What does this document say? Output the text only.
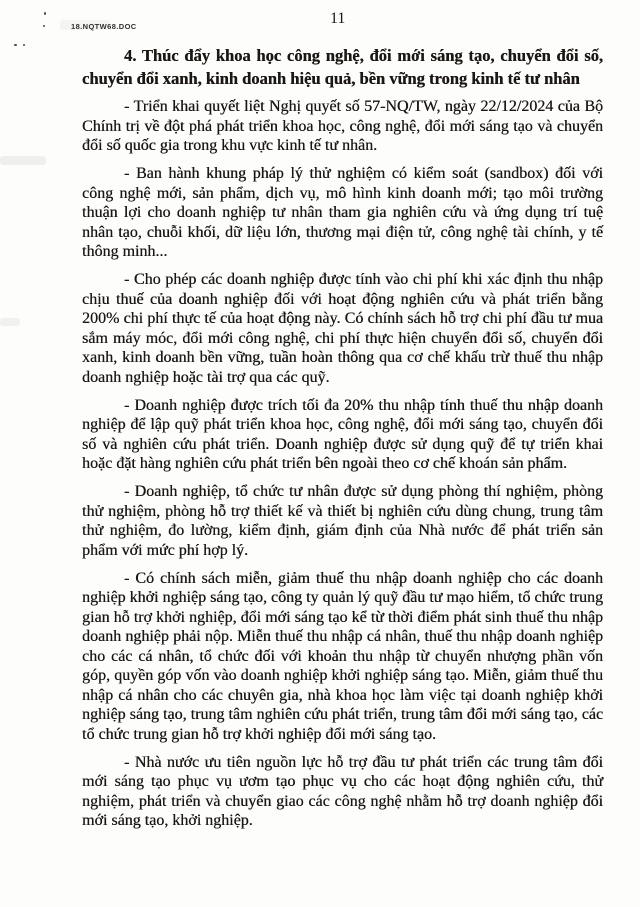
18.NQTW68.DOC	11
4. Thúc đẩy khoa học công nghệ, đổi mới sáng tạo, chuyển đổi số, chuyển đổi xanh, kinh doanh hiệu quả, bền vững trong kinh tế tư nhân

- Triển khai quyết liệt Nghị quyết số 57-NQ/TW, ngày 22/12/2024 của Bộ Chính trị về đột phá phát triển khoa học, công nghệ, đổi mới sáng tạo và chuyển đổi số quốc gia trong khu vực kinh tế tư nhân.

- Ban hành khung pháp lý thử nghiệm có kiểm soát (sandbox) đối với công nghệ mới, sản phẩm, dịch vụ, mô hình kinh doanh mới; tạo môi trường thuận lợi cho doanh nghiệp tư nhân tham gia nghiên cứu và ứng dụng trí tuệ nhân tạo, chuỗi khối, dữ liệu lớn, thương mại điện tử, công nghệ tài chính, y tế thông minh...

- Cho phép các doanh nghiệp được tính vào chi phí khi xác định thu nhập chịu thuế của doanh nghiệp đối với hoạt động nghiên cứu và phát triển bằng 200% chi phí thực tế của hoạt động này. Có chính sách hỗ trợ chi phí đầu tư mua sắm máy móc, đổi mới công nghệ, chi phí thực hiện chuyển đổi số, chuyển đổi xanh, kinh doanh bền vững, tuần hoàn thông qua cơ chế khấu trừ thuế thu nhập doanh nghiệp hoặc tài trợ qua các quỹ.

- Doanh nghiệp được trích tối đa 20% thu nhập tính thuế thu nhập doanh nghiệp để lập quỹ phát triển khoa học, công nghệ, đổi mới sáng tạo, chuyển đổi số và nghiên cứu phát triển. Doanh nghiệp được sử dụng quỹ để tự triển khai hoặc đặt hàng nghiên cứu phát triển bên ngoài theo cơ chế khoán sản phẩm.

- Doanh nghiệp, tổ chức tư nhân được sử dụng phòng thí nghiệm, phòng thử nghiệm, phòng hỗ trợ thiết kế và thiết bị nghiên cứu dùng chung, trung tâm thử nghiệm, đo lường, kiểm định, giám định của Nhà nước để phát triển sản phẩm với mức phí hợp lý.

- Có chính sách miễn, giảm thuế thu nhập doanh nghiệp cho các doanh nghiệp khởi nghiệp sáng tạo, công ty quản lý quỹ đầu tư mạo hiểm, tổ chức trung gian hỗ trợ khởi nghiệp, đổi mới sáng tạo kể từ thời điểm phát sinh thuế thu nhập doanh nghiệp phải nộp. Miễn thuế thu nhập cá nhân, thuế thu nhập doanh nghiệp cho các cá nhân, tổ chức đối với khoản thu nhập từ chuyển nhượng phần vốn góp, quyền góp vốn vào doanh nghiệp khởi nghiệp sáng tạo. Miễn, giảm thuế thu nhập cá nhân cho các chuyên gia, nhà khoa học làm việc tại doanh nghiệp khởi nghiệp sáng tạo, trung tâm nghiên cứu phát triển, trung tâm đổi mới sáng tạo, các tổ chức trung gian hỗ trợ khởi nghiệp đổi mới sáng tạo.

- Nhà nước ưu tiên nguồn lực hỗ trợ đầu tư phát triển các trung tâm đổi mới sáng tạo phục vụ ươm tạo phục vụ cho các hoạt động nghiên cứu, thử nghiệm, phát triển và chuyển giao các công nghệ nhằm hỗ trợ doanh nghiệp đổi mới sáng tạo, khởi nghiệp.
